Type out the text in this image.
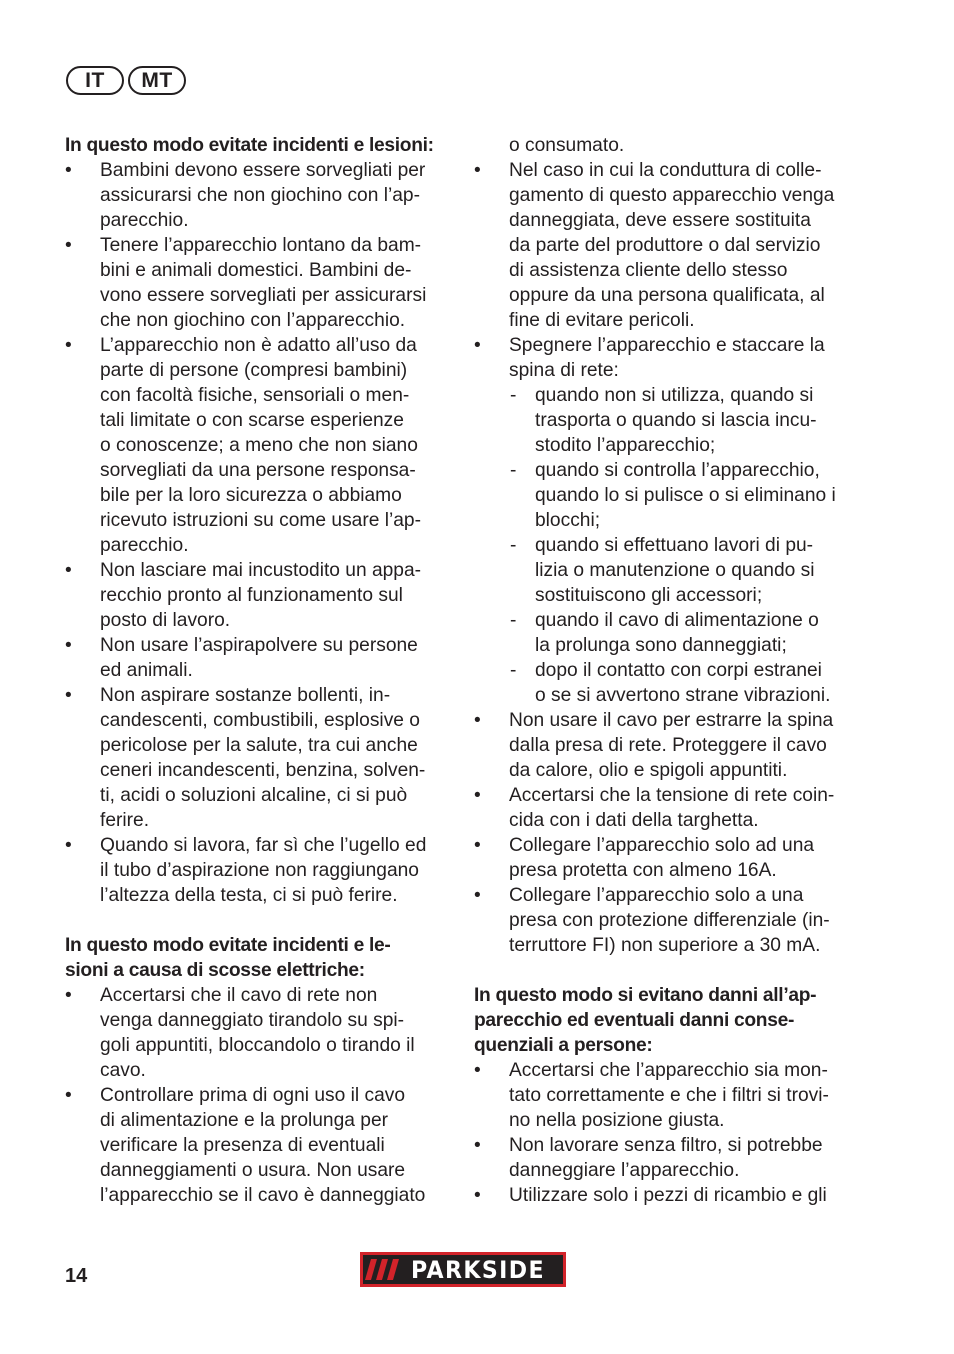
IT	MT
In questo modo evitate incidenti e lesioni:
• Bambini devono essere sorvegliati per
assicurarsi che non giochino con l’ap-
parecchio.
• Tenere l’apparecchio lontano da bam-
bini e animali domestici. Bambini de-
vono essere sorvegliati per assicurarsi
che non giochino con l’apparecchio.
• L’apparecchio non è adatto all’uso da
parte di persone (compresi bambini)
con facoltà fisiche, sensoriali o men-
tali limitate o con scarse esperienze
o conoscenze; a meno che non siano
sorvegliati da una persone responsa-
bile per la loro sicurezza o abbiamo
ricevuto istruzioni su come usare l’ap-
parecchio.
• Non lasciare mai incustodito un appa-
recchio pronto al funzionamento sul
posto di lavoro.
• Non usare l’aspirapolvere su persone
ed animali.
• Non aspirare sostanze bollenti, in-
candescenti, combustibili, esplosive o
pericolose per la salute, tra cui anche
ceneri incandescenti, benzina, solven-
ti, acidi o soluzioni alcaline, ci si può
ferire.
• Quando si lavora, far sì che l’ugello ed
il tubo d’aspirazione non raggiungano
l’altezza della testa, ci si può ferire.
In questo modo evitate incidenti e le-
sioni a causa di scosse elettriche:
• Accertarsi che il cavo di rete non
venga danneggiato tirandolo su spi-
goli appuntiti, bloccandolo o tirando il
cavo.
• Controllare prima di ogni uso il cavo
di alimentazione e la prolunga per
verificare la presenza di eventuali
danneggiamenti o usura. Non usare
l’apparecchio se il cavo è danneggiato
o consumato.
• Nel caso in cui la conduttura di colle-
gamento di questo apparecchio venga
danneggiata, deve essere sostituita
da parte del produttore o dal servizio
di assistenza cliente dello stesso
oppure da una persona qualificata, al
fine di evitare pericoli.
• Spegnere l’apparecchio e staccare la
spina di rete:
- quando non si utilizza, quando si
trasporta o quando si lascia incu-
stodito l’apparecchio;
- quando si controlla l’apparecchio,
quando lo si pulisce o si eliminano i
blocchi;
- quando si effettuano lavori di pu-
lizia o manutenzione o quando si
sostituiscono gli accessori;
- quando il cavo di alimentazione o
la prolunga sono danneggiati;
- dopo il contatto con corpi estranei
o se si avvertono strane vibrazioni.
• Non usare il cavo per estrarre la spina
dalla presa di rete. Proteggere il cavo
da calore, olio e spigoli appuntiti.
• Accertarsi che la tensione di rete coin-
cida con i dati della targhetta.
• Collegare l’apparecchio solo ad una
presa protetta con almeno 16A.
• Collegare l’apparecchio solo a una
presa con protezione differenziale (in-
terruttore FI) non superiore a 30 mA.
In questo modo si evitano danni all’ap-
parecchio ed eventuali danni conse-
quenziali a persone:
• Accertarsi che l’apparecchio sia mon-
tato correttamente e che i filtri si trovi-
no nella posizione giusta.
• Non lavorare senza filtro, si potrebbe
danneggiare l’apparecchio.
• Utilizzare solo i pezzi di ricambio e gli
14	PARKSIDE
